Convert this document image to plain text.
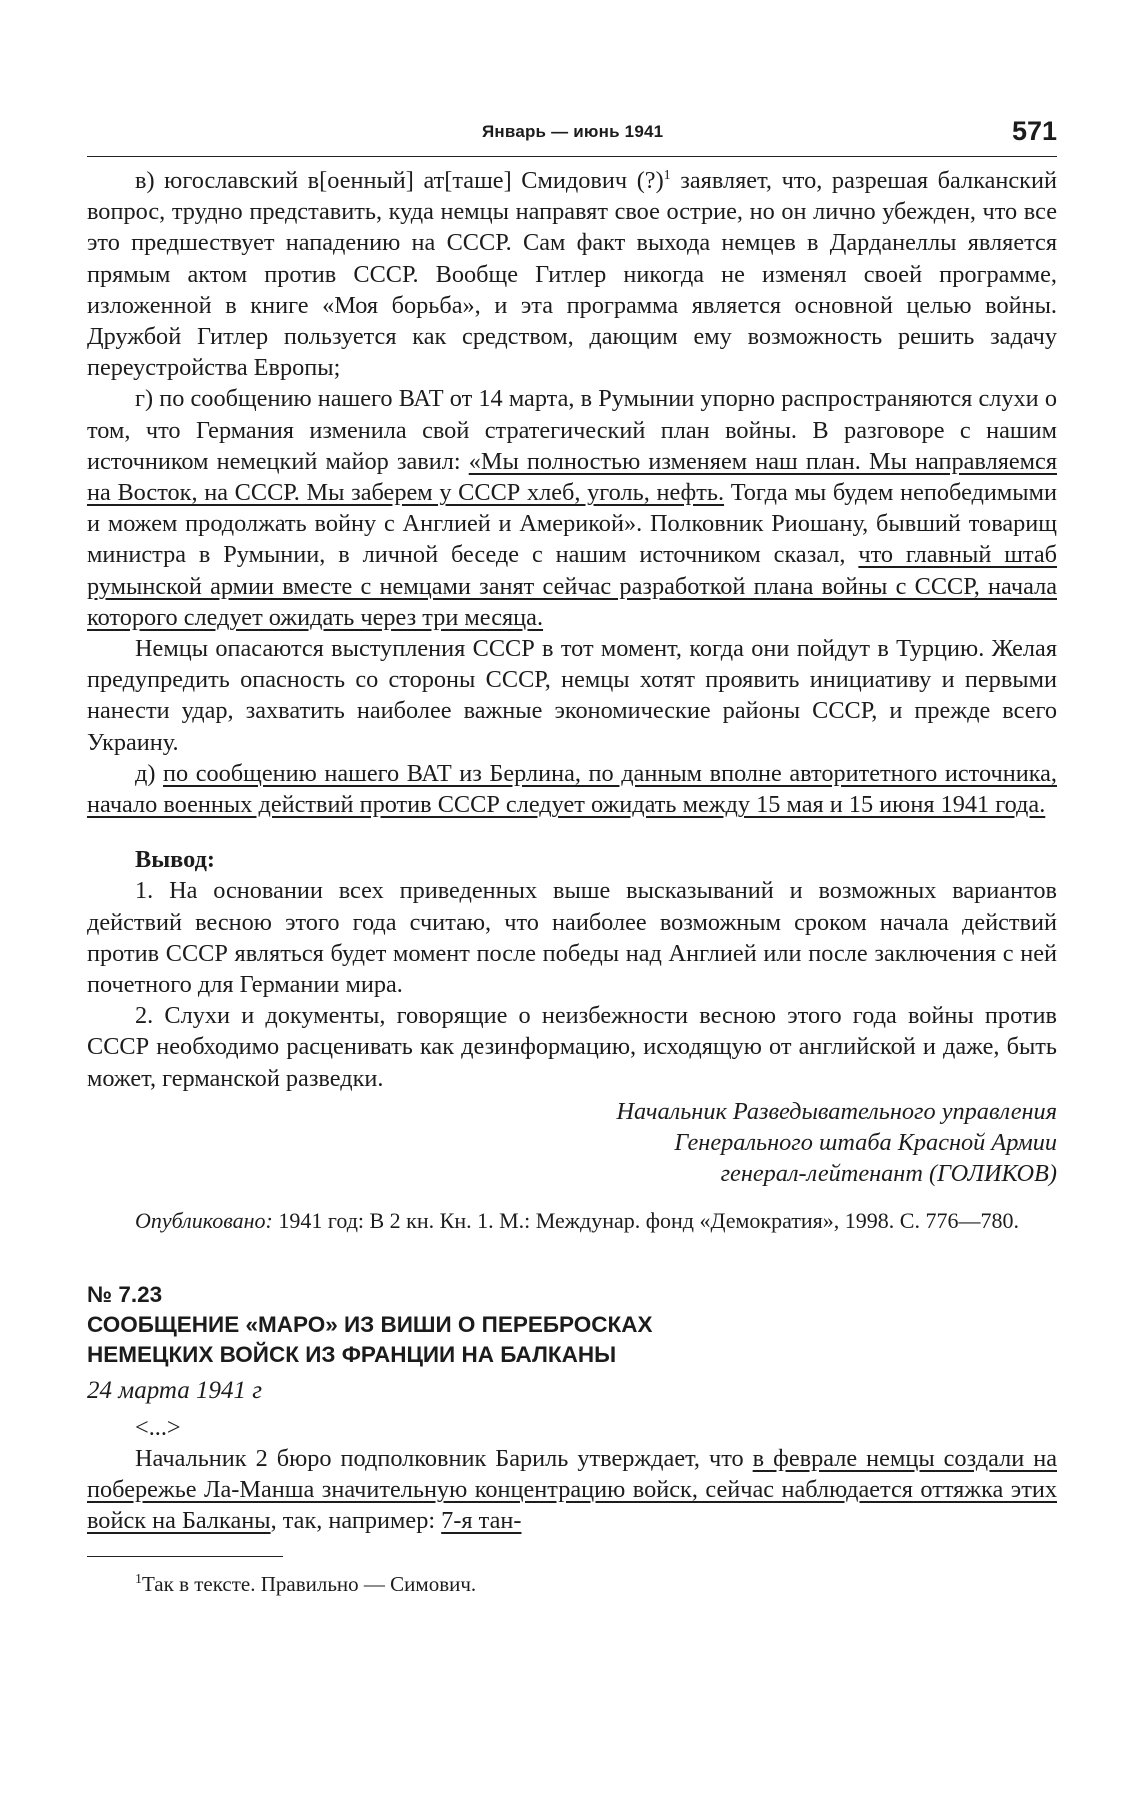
Январь — июнь 1941	571

в) югославский в[оенный] ат[таше] Смидович (?)$^1$ заявляет, что, разрешая балканский вопрос, трудно представить, куда немцы направят свое острие, но он лично убежден, что все это предшествует нападению на СССР. Сам факт выхода немцев в Дарданеллы является прямым актом против СССР. Вообще Гитлер никогда не изменял своей программе, изложенной в книге «Моя борьба», и эта программа является основной целью войны. Дружбой Гитлер пользуется как средством, дающим ему возможность решить задачу переустройства Европы;

г) по сообщению нашего ВАТ от 14 марта, в Румынии упорно распространяются слухи о том, что Германия изменила свой стратегический план войны. В разговоре с нашим источником немецкий майор завил: «Мы полностью изменяем наш план. Мы направляемся на Восток, на СССР. Мы заберем у СССР хлеб, уголь, нефть. Тогда мы будем непобедимыми и можем продолжать войну с Англией и Америкой». Полковник Риошану, бывший товарищ министра в Румынии, в личной беседе с нашим источником сказал, что главный штаб румынской армии вместе с немцами занят сейчас разработкой плана войны с СССР, начала которого следует ожидать через три месяца.

Немцы опасаются выступления СССР в тот момент, когда они пойдут в Турцию. Желая предупредить опасность со стороны СССР, немцы хотят проявить инициативу и первыми нанести удар, захватить наиболее важные экономические районы СССР, и прежде всего Украину.

д) по сообщению нашего ВАТ из Берлина, по данным вполне авторитетного источника, начало военных действий против СССР следует ожидать между 15 мая и 15 июня 1941 года.

Вывод:

1. На основании всех приведенных выше высказываний и возможных вариантов действий весною этого года считаю, что наиболее возможным сроком начала действий против СССР являться будет момент после победы над Англией или после заключения с ней почетного для Германии мира.

2. Слухи и документы, говорящие о неизбежности весною этого года войны против СССР необходимо расценивать как дезинформацию, исходящую от английской и даже, быть может, германской разведки.

Начальник Разведывательного управления
Генерального штаба Красной Армии
генерал-лейтенант (ГОЛИКОВ)
Опубликовано: 1941 год: В 2 кн. Кн. 1. М.: Междунар. фонд «Демократия», 1998. С. 776—780.
№ 7.23
СООБЩЕНИЕ «МАРО» ИЗ ВИШИ О ПЕРЕБРОСКАХ
НЕМЕЦКИХ ВОЙСК ИЗ ФРАНЦИИ НА БАЛКАНЫ
24 марта 1941 г

<...>

Начальник 2 бюро подполковник Бариль утверждает, что в феврале немцы создали на побережье Ла-Манша значительную концентрацию войск, сейчас наблюдается оттяжка этих войск на Балканы, так, например: 7-я тан-

$^1$Так в тексте. Правильно — Симович.
